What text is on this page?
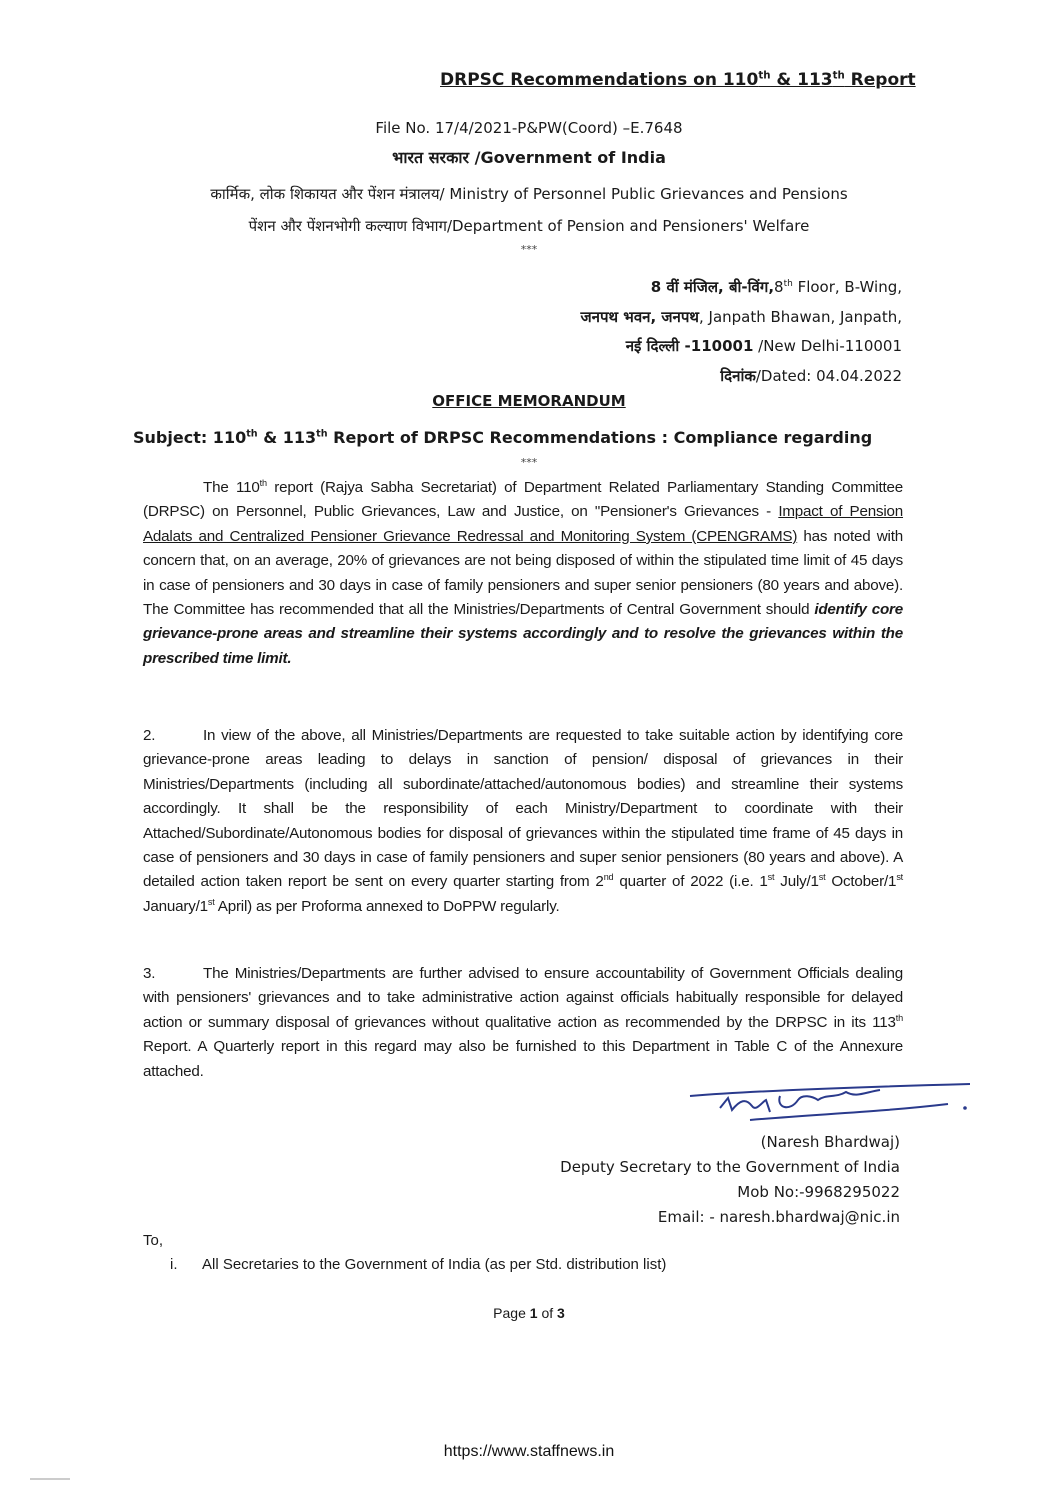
DRPSC Recommendations on 110th & 113th Report
File No. 17/4/2021-P&PW(Coord) –E.7648
भारत सरकार /Government of India
कार्मिक, लोक शिकायत और पेंशन मंत्रालय/ Ministry of Personnel Public Grievances and Pensions
पेंशन और पेंशनभोगी कल्याण विभाग/Department of Pension and Pensioners' Welfare
***
8 वीं मंजिल, बी-विंग,8th Floor, B-Wing,
जनपथ भवन, जनपथ, Janpath Bhawan, Janpath,
नई दिल्ली -110001 /New Delhi-110001
दिनांक/Dated: 04.04.2022
OFFICE MEMORANDUM
Subject: 110th & 113th Report of DRPSC Recommendations : Compliance regarding
***
The 110th report (Rajya Sabha Secretariat) of Department Related Parliamentary Standing Committee (DRPSC) on Personnel, Public Grievances, Law and Justice, on "Pensioner's Grievances - Impact of Pension Adalats and Centralized Pensioner Grievance Redressal and Monitoring System (CPENGRAMS) has noted with concern that, on an average, 20% of grievances are not being disposed of within the stipulated time limit of 45 days in case of pensioners and 30 days in case of family pensioners and super senior pensioners (80 years and above). The Committee has recommended that all the Ministries/Departments of Central Government should identify core grievance-prone areas and streamline their systems accordingly and to resolve the grievances within the prescribed time limit.
2.	In view of the above, all Ministries/Departments are requested to take suitable action by identifying core grievance-prone areas leading to delays in sanction of pension/ disposal of grievances in their Ministries/Departments (including all subordinate/attached/autonomous bodies) and streamline their systems accordingly. It shall be the responsibility of each Ministry/Department to coordinate with their Attached/Subordinate/Autonomous bodies for disposal of grievances within the stipulated time frame of 45 days in case of pensioners and 30 days in case of family pensioners and super senior pensioners (80 years and above). A detailed action taken report be sent on every quarter starting from 2nd quarter of 2022 (i.e. 1st July/1st October/1st January/1st April) as per Proforma annexed to DoPPW regularly.
3.	The Ministries/Departments are further advised to ensure accountability of Government Officials dealing with pensioners' grievances and to take administrative action against officials habitually responsible for delayed action or summary disposal of grievances without qualitative action as recommended by the DRPSC in its 113th Report. A Quarterly report in this regard may also be furnished to this Department in Table C of the Annexure attached.
(Naresh Bhardwaj)
Deputy Secretary to the Government of India
Mob No:-9968295022
Email: - naresh.bhardwaj@nic.in
To,
i. All Secretaries to the Government of India (as per Std. distribution list)
Page 1 of 3
https://www.staffnews.in
